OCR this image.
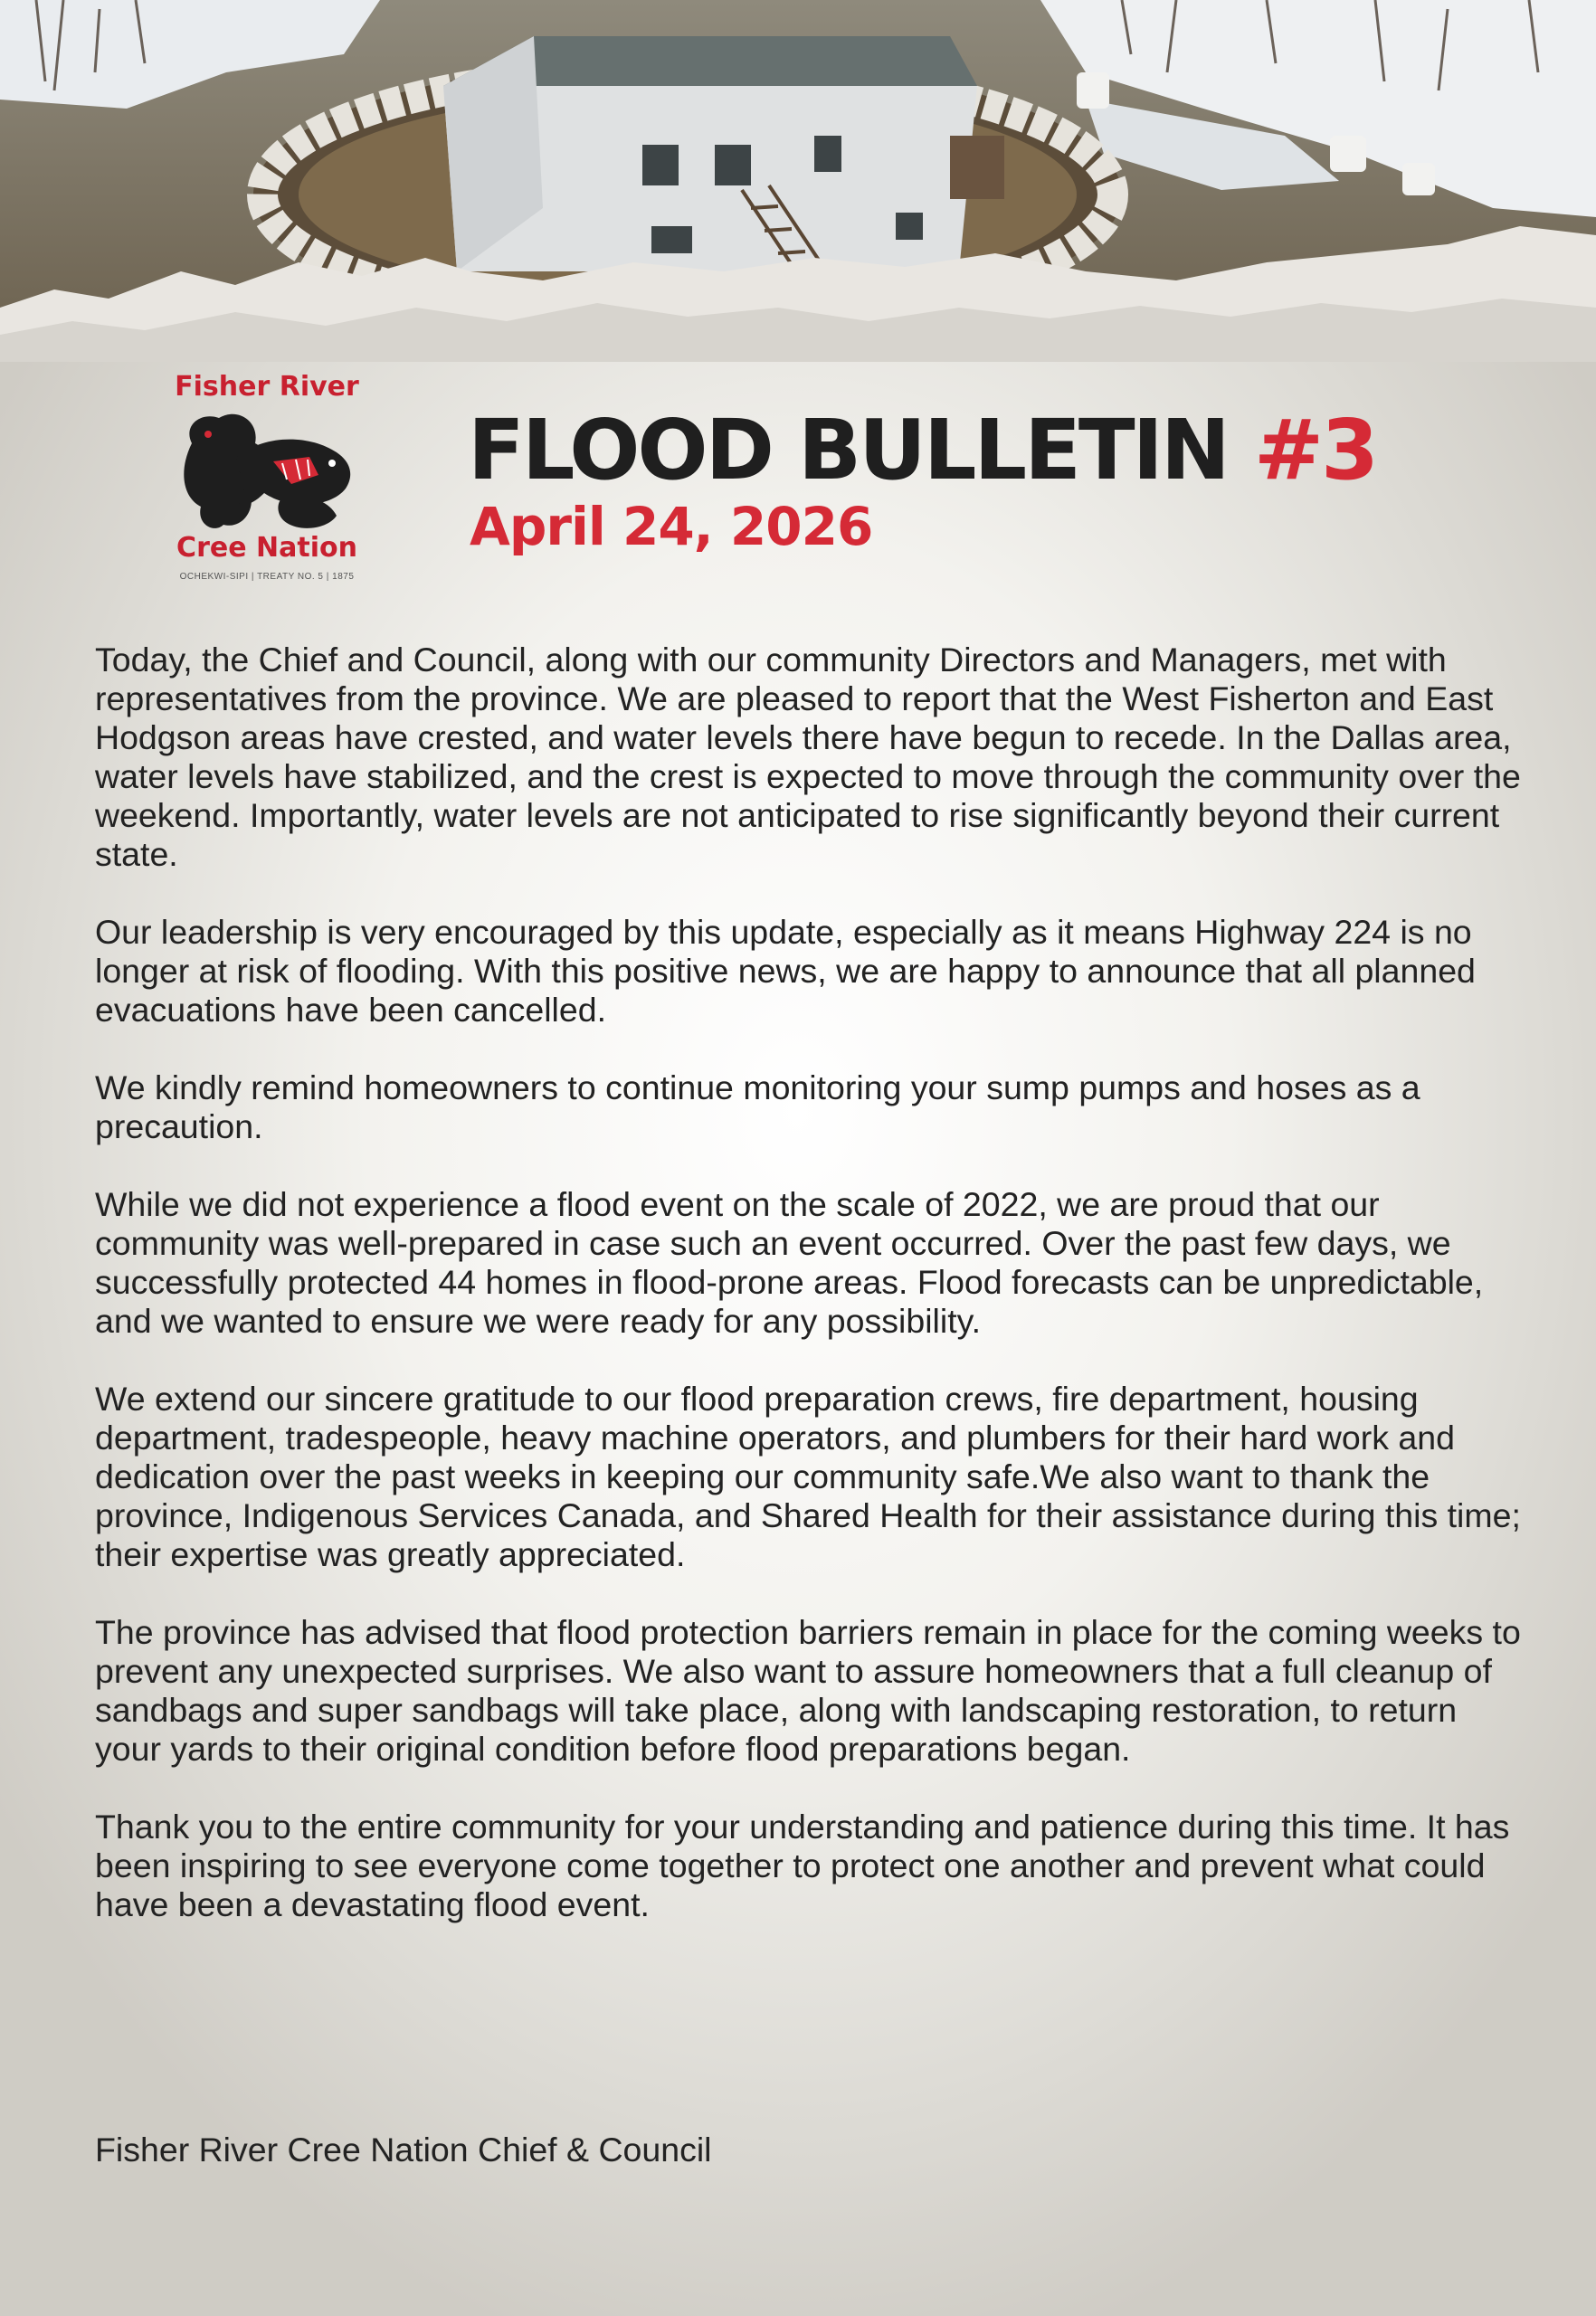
Fisher River
Cree Nation
OCHEKWI-SIPI | TREATY NO. 5 | 1875
FLOOD BULLETIN #3
April 24, 2026

Today, the Chief and Council, along with our community Directors and Managers, met with representatives from the province. We are pleased to report that the West Fisherton and East Hodgson areas have crested, and water levels there have begun to recede. In the Dallas area, water levels have stabilized, and the crest is expected to move through the community over the weekend. Importantly, water levels are not anticipated to rise significantly beyond their current state.

Our leadership is very encouraged by this update, especially as it means Highway 224 is no longer at risk of flooding. With this positive news, we are happy to announce that all planned evacuations have been cancelled.

We kindly remind homeowners to continue monitoring your sump pumps and hoses as a precaution.

While we did not experience a flood event on the scale of 2022, we are proud that our community was well-prepared in case such an event occurred. Over the past few days, we successfully protected 44 homes in flood-prone areas. Flood forecasts can be unpredictable, and we wanted to ensure we were ready for any possibility.

We extend our sincere gratitude to our flood preparation crews, fire department, housing department, tradespeople, heavy machine operators, and plumbers for their hard work and dedication over the past weeks in keeping our community safe.We also want to thank the province, Indigenous Services Canada, and Shared Health for their assistance during this time; their expertise was greatly appreciated.

The province has advised that flood protection barriers remain in place for the coming weeks to prevent any unexpected surprises. We also want to assure homeowners that a full cleanup of sandbags and super sandbags will take place, along with landscaping restoration, to return your yards to their original condition before flood preparations began.

Thank you to the entire community for your understanding and patience during this time. It has been inspiring to see everyone come together to protect one another and prevent what could have been a devastating flood event.

Fisher River Cree Nation Chief & Council
